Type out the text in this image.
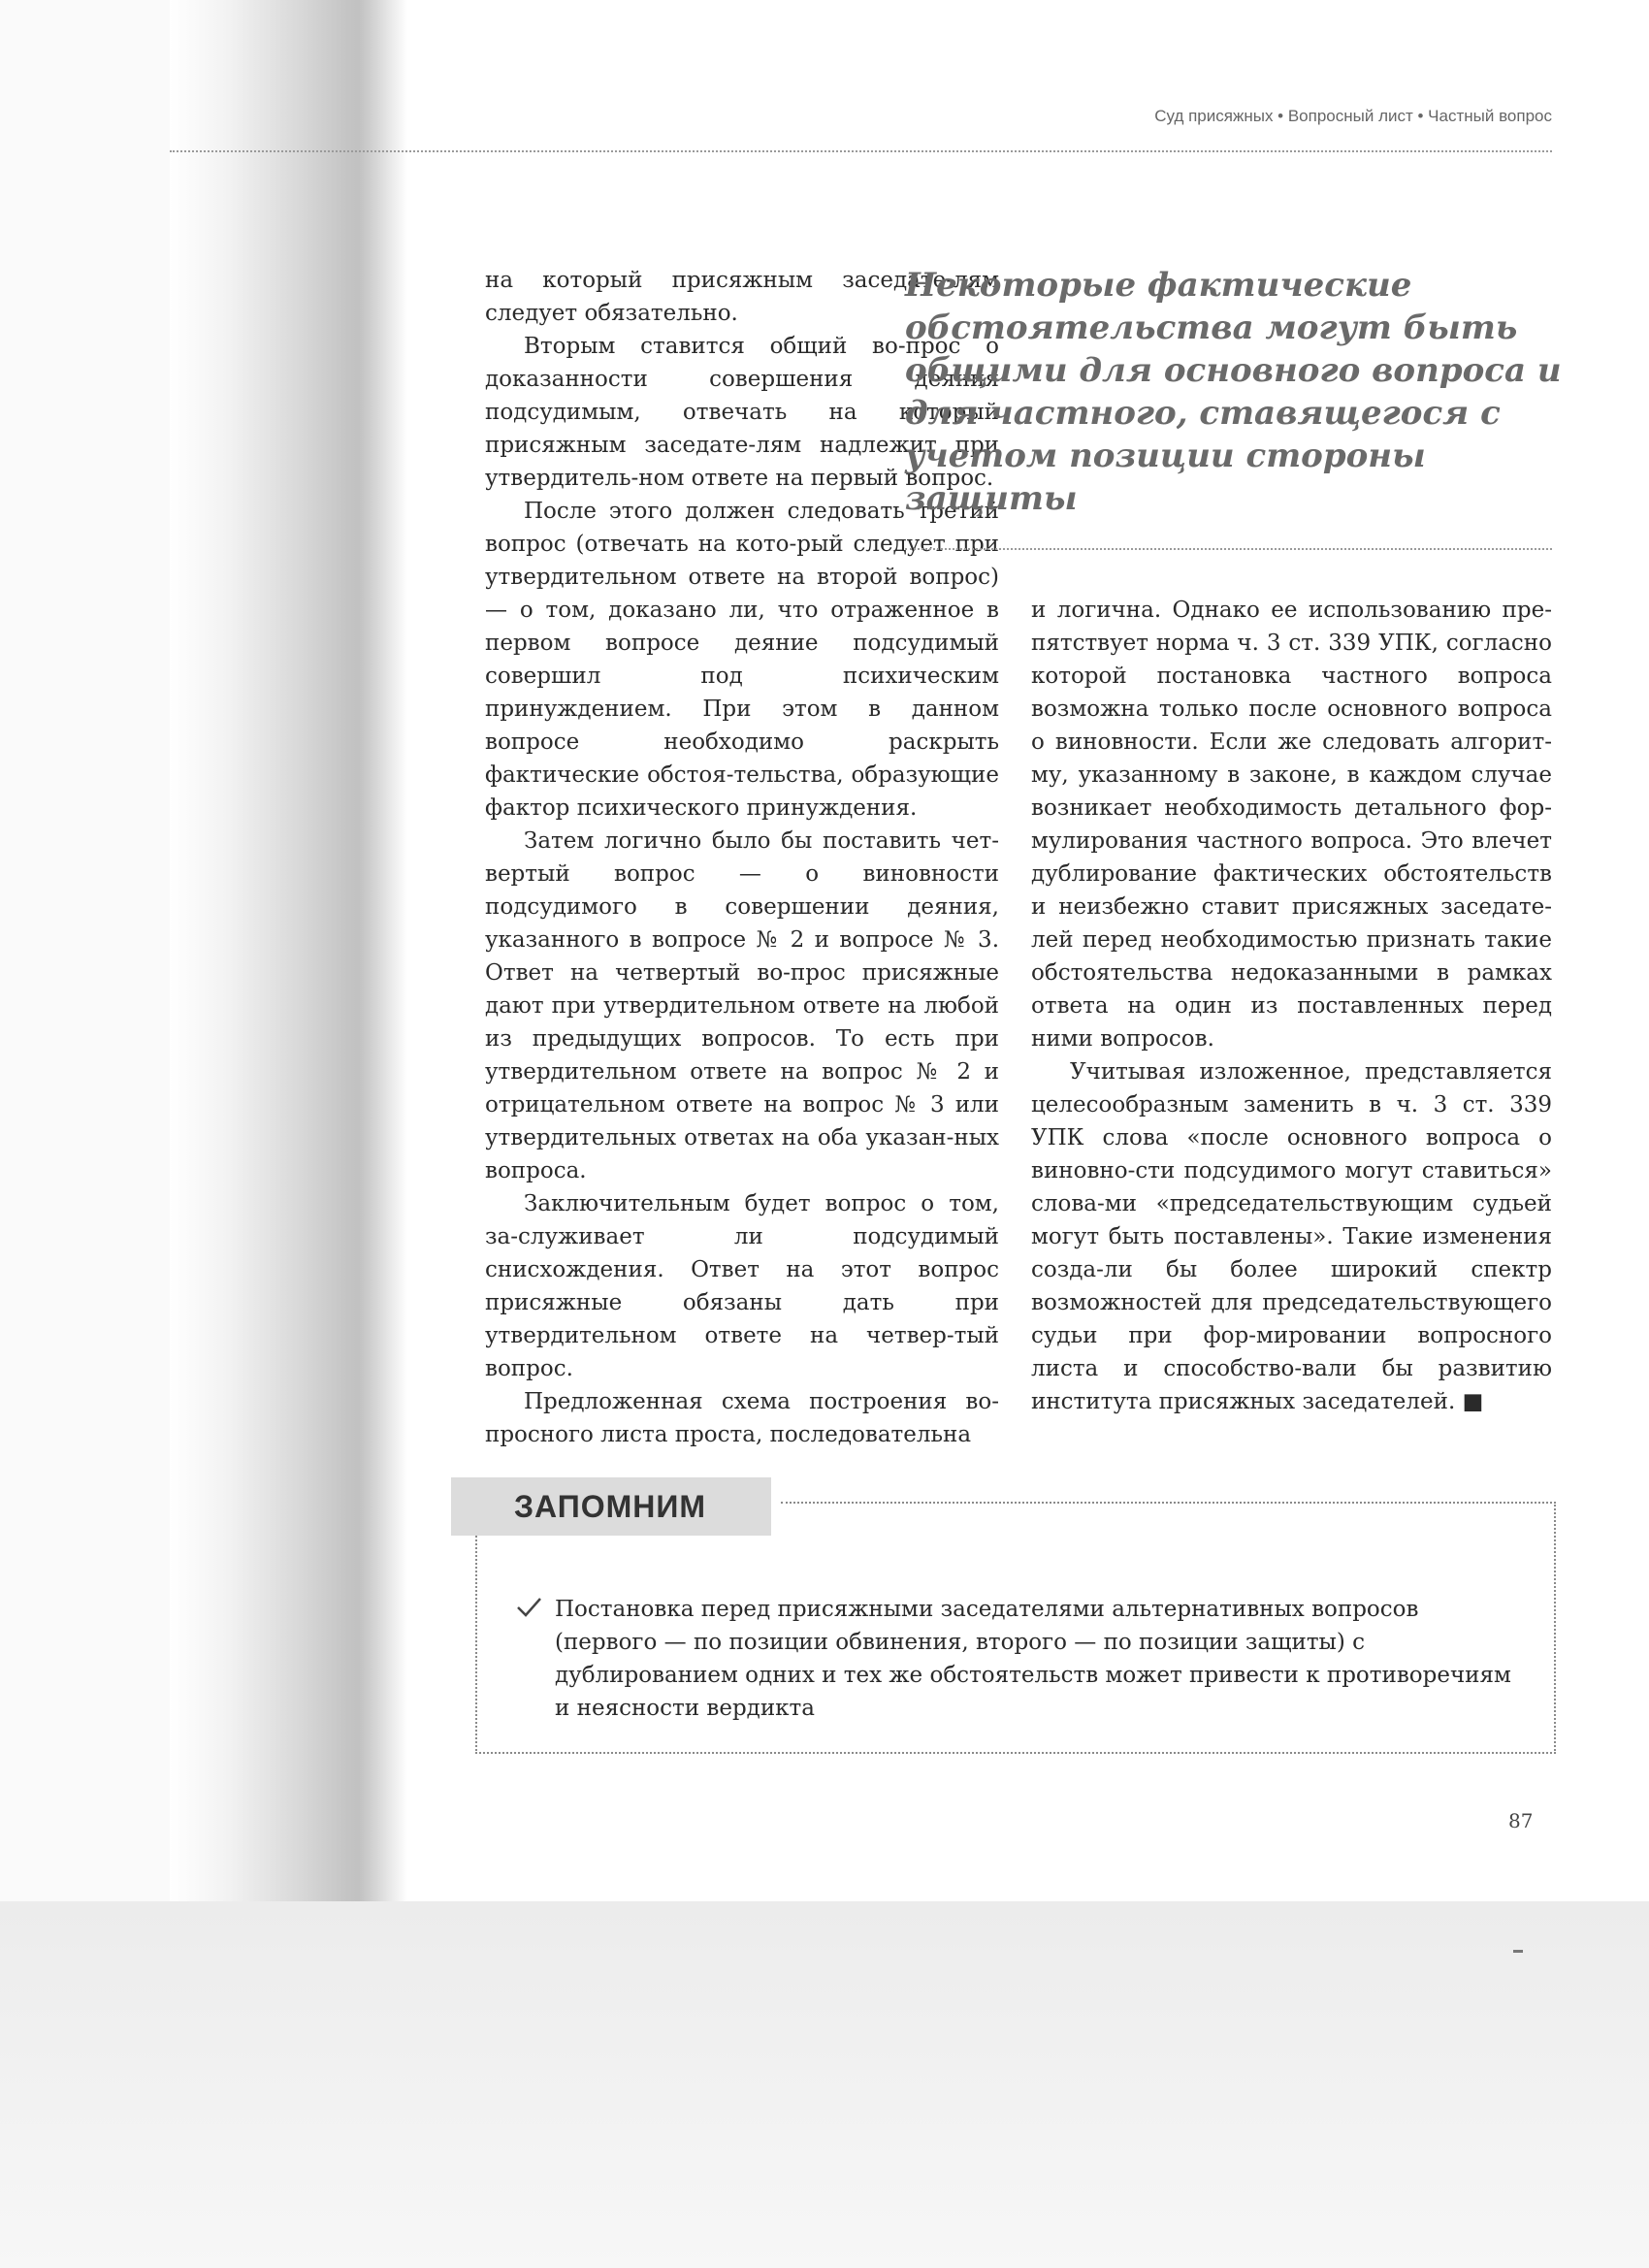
Суд присяжных • Вопросный лист • Частный вопрос

на который присяжным заседате-лям следует обязательно.

Вторым ставится общий во-прос о доказанности совершения деяния подсудимым, отвечать на который присяжным заседате-лям надлежит при утвердитель-ном ответе на первый вопрос.

После этого должен следовать третий вопрос (отвечать на кото-рый следует при утвердительном ответе на второй вопрос) — о том, доказано ли, что отраженное в первом вопросе деяние подсудимый совершил под психическим принуждением. При этом в данном вопросе необходимо раскрыть фактические обстоя-тельства, образующие фактор психического принуждения.

Затем логично было бы поставить чет-вертый вопрос — о виновности подсудимого в совершении деяния, указанного в вопросе № 2 и вопросе № 3. Ответ на четвертый во-прос присяжные дают при утвердительном ответе на любой из предыдущих вопросов. То есть при утвердительном ответе на вопрос № 2 и отрицательном ответе на вопрос № 3 или утвердительных ответах на оба указан-ных вопроса.

Заключительным будет вопрос о том, за-служивает ли подсудимый снисхождения. Ответ на этот вопрос присяжные обязаны дать при утвердительном ответе на четвер-тый вопрос.

Предложенная схема построения во-просного листа проста, последовательна

Некоторые фактические обстоятельства могут быть общими для основного вопроса и для частного, ставящегося с учетом позиции стороны защиты

и логична. Однако ее использованию пре-пятствует норма ч. 3 ст. 339 УПК, согласно которой постановка частного вопроса возможна только после основного вопроса о виновности. Если же следовать алгорит-му, указанному в законе, в каждом случае возникает необходимость детального фор-мулирования частного вопроса. Это влечет дублирование фактических обстоятельств и неизбежно ставит присяжных заседате-лей перед необходимостью признать такие обстоятельства недоказанными в рамках ответа на один из поставленных перед ними вопросов.

Учитывая изложенное, представляется целесообразным заменить в ч. 3 ст. 339 УПК слова «после основного вопроса о виновно-сти подсудимого могут ставиться» слова-ми «председательствующим судьей могут быть поставлены». Такие изменения созда-ли бы более широкий спектр возможностей для председательствующего судьи при фор-мировании вопросного листа и способство-вали бы развитию института присяжных заседателей. ■

ЗАПОМНИМ
Постановка перед присяжными заседателями альтернативных вопросов (первого — по позиции обвинения, второго — по позиции защиты) с дублированием одних и тех же обстоятельств может привести к противоречиям и неясности вердикта
87
